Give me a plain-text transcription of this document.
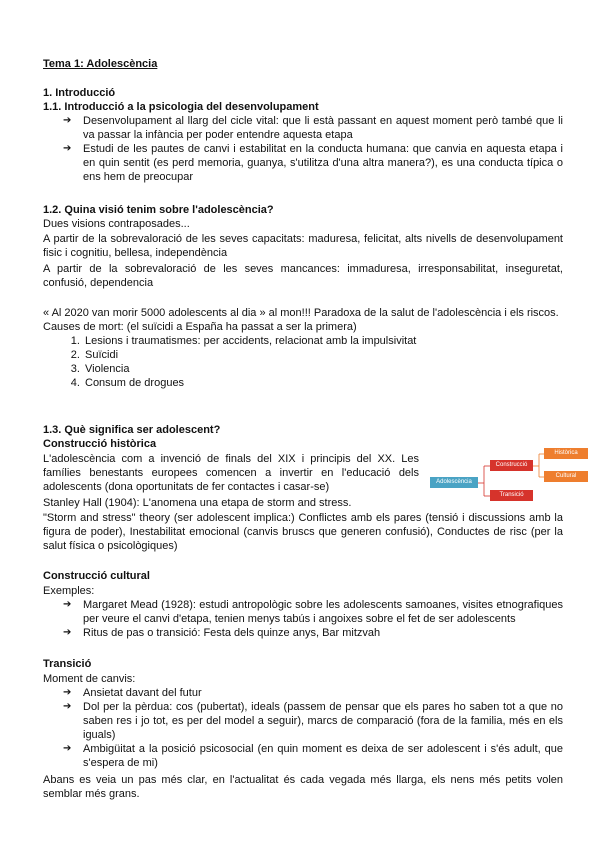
Tema 1: Adolescència
1. Introducció
1.1. Introducció a la psicologia del desenvolupament
➔ Desenvolupament al llarg del cicle vital: que li està passant en aquest moment però també que li va passar la infància per poder entendre aquesta etapa
➔ Estudi de les pautes de canvi i estabilitat en la conducta humana: que canvia en aquesta etapa i en quin sentit (es perd memoria, guanya, s'utilitza d'una altra manera?), es una conducta típica o ens hem de preocupar
1.2. Quina visió tenim sobre l'adolescència?
Dues visions contraposades...
A partir de la sobrevaloració de les seves capacitats: maduresa, felicitat, alts nivells de desenvolupament fisic i cognitiu, bellesa, independència
A partir de la sobrevaloració de les seves mancances: immaduresa, irresponsabilitat, inseguretat, confusió, dependencia
« Al 2020 van morir 5000 adolescents al dia » al mon!!! Paradoxa de la salut de l'adolescència i els riscos.
Causes de mort: (el suïcidi a España ha passat a ser la primera)
1. Lesions i traumatismes: per accidents, relacionat amb la impulsivitat
2. Suïcidi
3. Violencia
4. Consum de drogues
1.3. Què significa ser adolescent?
Construcció històrica
L'adolescència com a invenció de finals del XIX i principis del XX. Les famílies benestants europees comencen a invertir en l'educació dels adolescents (dona oportunitats de fer contactes i casar-se)
Stanley Hall (1904): L'anomena una etapa de storm and stress.
"Storm and stress" theory (ser adolescent implica:) Conflictes amb els pares (tensió i discussions amb la figura de poder), Inestabilitat emocional (canvis bruscs que generen confusió), Conductes de risc (per la salut física o psicològiques)
Construcció cultural
Exemples:
➔ Margaret Mead (1928): estudi antropològic sobre les adolescents samoanes, visites etnografiques per veure el canvi d'etapa, tenien menys tabús i angoixes sobre el fet de ser adolescents
➔ Ritus de pas o transició: Festa dels quinze anys, Bar mitzvah
Transició
Moment de canvis:
➔ Ansietat davant del futur
➔ Dol per la pèrdua: cos (pubertat), ideals (passem de pensar que els pares ho saben tot a que no saben res i jo tot, es per del model a seguir), marcs de comparació (fora de la familia, més en els iguals)
➔ Ambigüitat a la posició psicosocial (en quin moment es deixa de ser adolescent i s'és adult, que s'espera de mi)
Abans es veia un pas més clar, en l'actualitat és cada vegada més llarga, els nens més petits volen semblar més grans.
Adolescència
Construcció
Transició
Històrica
Cultural
